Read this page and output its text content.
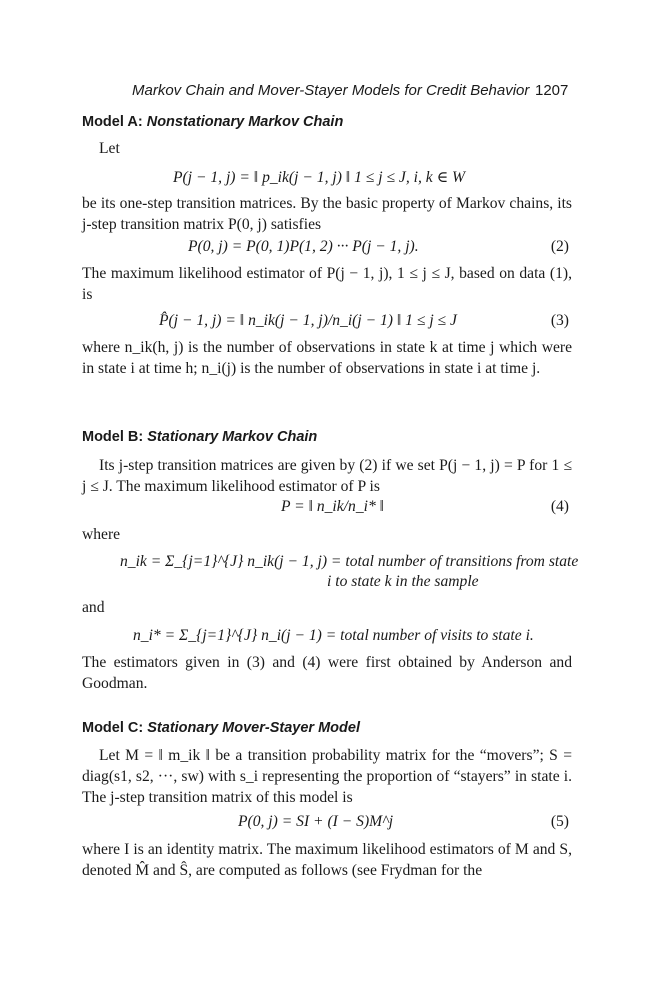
Markov Chain and Mover-Stayer Models for Credit Behavior 1207
Model A: Nonstationary Markov Chain
Let
P(j − 1, j) = ‖ p_ik(j − 1, j) ‖ 1 ≤ j ≤ J, i, k ∈ W
be its one-step transition matrices. By the basic property of Markov chains, its j-step transition matrix P(0, j) satisfies
P(0, j) = P(0, 1)P(1, 2) ··· P(j − 1, j).	(2)
The maximum likelihood estimator of P(j − 1, j), 1 ≤ j ≤ J, based on data (1), is
P̂(j − 1, j) = ‖ n_ik(j − 1, j)/n_i(j − 1) ‖ 1 ≤ j ≤ J	(3)
where n_ik(h, j) is the number of observations in state k at time j which were in state i at time h; n_i(j) is the number of observations in state i at time j.
Model B: Stationary Markov Chain
Its j-step transition matrices are given by (2) if we set P(j − 1, j) = P for 1 ≤ j ≤ J. The maximum likelihood estimator of P is
P = ‖ n_ik/n_i* ‖	(4)
where
n_ik = Σ_{j=1}^{J} n_ik(j − 1, j) = total number of transitions from state
i to state k in the sample
and
n_i* = Σ_{j=1}^{J} n_i(j − 1) = total number of visits to state i.
The estimators given in (3) and (4) were first obtained by Anderson and Goodman.
Model C: Stationary Mover-Stayer Model
Let M = ‖ m_ik ‖ be a transition probability matrix for the “movers”; S = diag(s1, s2, ···, sw) with s_i representing the proportion of “stayers” in state i. The j-step transition matrix of this model is
P(0, j) = SI + (I − S)M^j	(5)
where I is an identity matrix. The maximum likelihood estimators of M and S, denoted M̂ and Ŝ, are computed as follows (see Frydman for the
